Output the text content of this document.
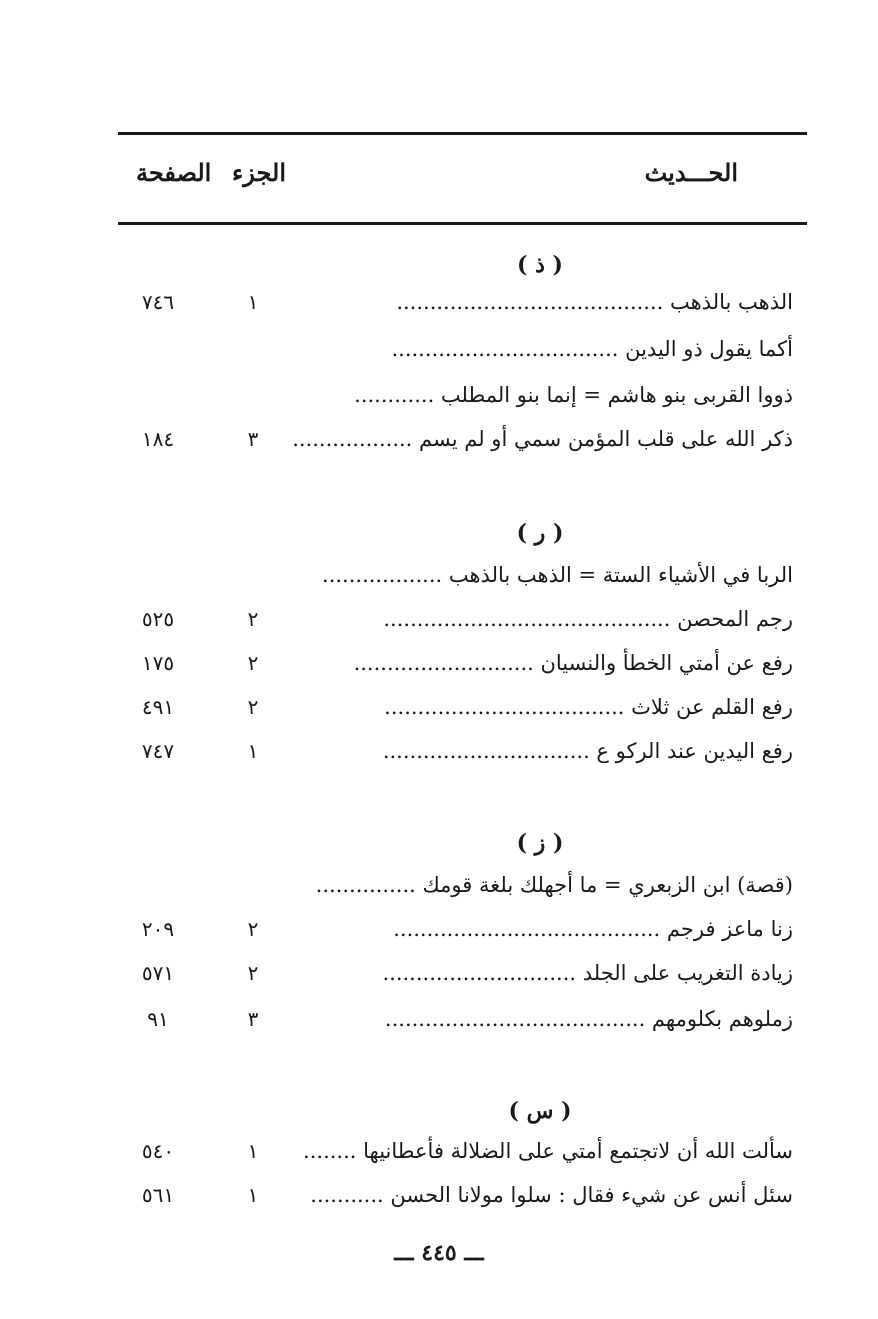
الحـــديث
الجزء
الصفحة
( ذ )
الذهب بالذهب ........................................
١
٧٤٦
أكما يقول ذو اليدين ..................................
ذووا القربى بنو هاشم = إنما بنو المطلب ............
ذكر الله على قلب المؤمن سمي أو لم يسم ..................
٣
١٨٤
( ر )
الربا في الأشياء الستة = الذهب بالذهب ..................
رجم المحصن ...........................................
٢
٥٢٥
رفع عن أمتي الخطأ والنسيان ...........................
٢
١٧٥
رفع القلم عن ثلاث ....................................
٢
٤٩١
رفع اليدين عند الركو ع ...............................
١
٧٤٧
( ز )
(قصة) ابن الزبعري = ما أجهلك بلغة قومك ...............
زنا ماعز فرجم ........................................
٢
٢٠٩
زيادة التغريب على الجلد .............................
٢
٥٧١
زملوهم بكلومهم .......................................
٣
٩١
( س )
سألت الله أن لاتجتمع أمتي على الضلالة فأعطانيها ........
١
٥٤٠
سئل أنس عن شيء فقال : سلوا مولانا الحسن ...........
١
٥٦١
ـــ ٤٤٥ ـــ
